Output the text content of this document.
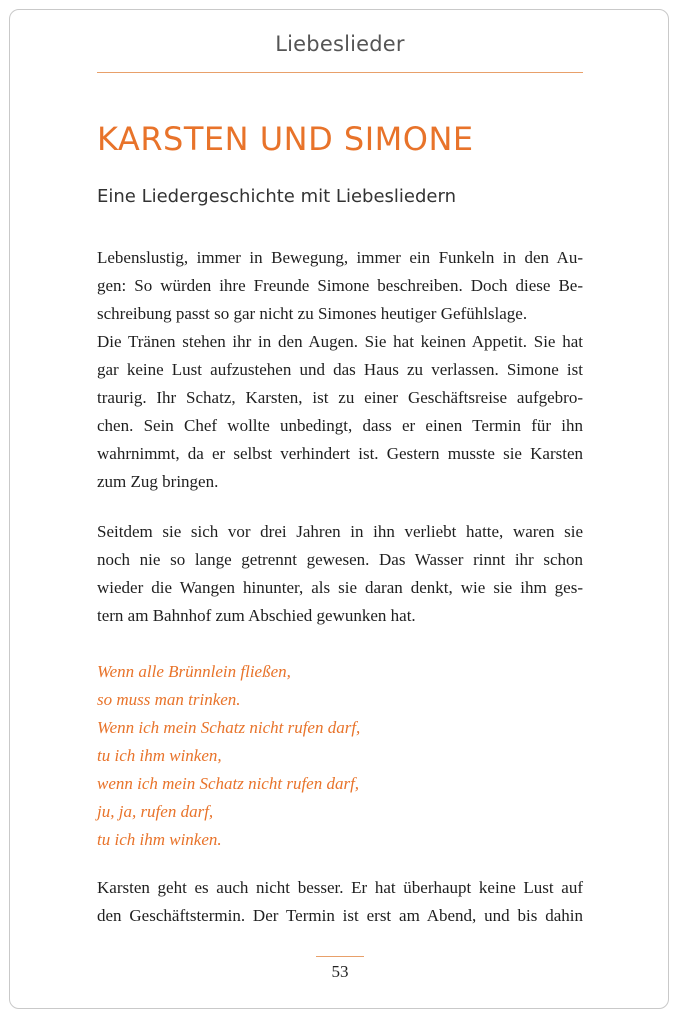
Liebeslieder
KARSTEN UND SIMONE
Eine Liedergeschichte mit Liebesliedern
Lebenslustig, immer in Bewegung, immer ein Funkeln in den Au-
gen: So würden ihre Freunde Simone beschreiben. Doch diese Be-
schreibung passt so gar nicht zu Simones heutiger Gefühlslage.
Die Tränen stehen ihr in den Augen. Sie hat keinen Appetit. Sie hat
gar keine Lust aufzustehen und das Haus zu verlassen. Simone ist
traurig. Ihr Schatz, Karsten, ist zu einer Geschäftsreise aufgebro-
chen. Sein Chef wollte unbedingt, dass er einen Termin für ihn
wahrnimmt, da er selbst verhindert ist. Gestern musste sie Karsten
zum Zug bringen.
Seitdem sie sich vor drei Jahren in ihn verliebt hatte, waren sie
noch nie so lange getrennt gewesen. Das Wasser rinnt ihr schon
wieder die Wangen hinunter, als sie daran denkt, wie sie ihm ges-
tern am Bahnhof zum Abschied gewunken hat.
Wenn alle Brünnlein fließen,
so muss man trinken.
Wenn ich mein Schatz nicht rufen darf,
tu ich ihm winken,
wenn ich mein Schatz nicht rufen darf,
ju, ja, rufen darf,
tu ich ihm winken.
Karsten geht es auch nicht besser. Er hat überhaupt keine Lust auf
den Geschäftstermin. Der Termin ist erst am Abend, und bis dahin
53
